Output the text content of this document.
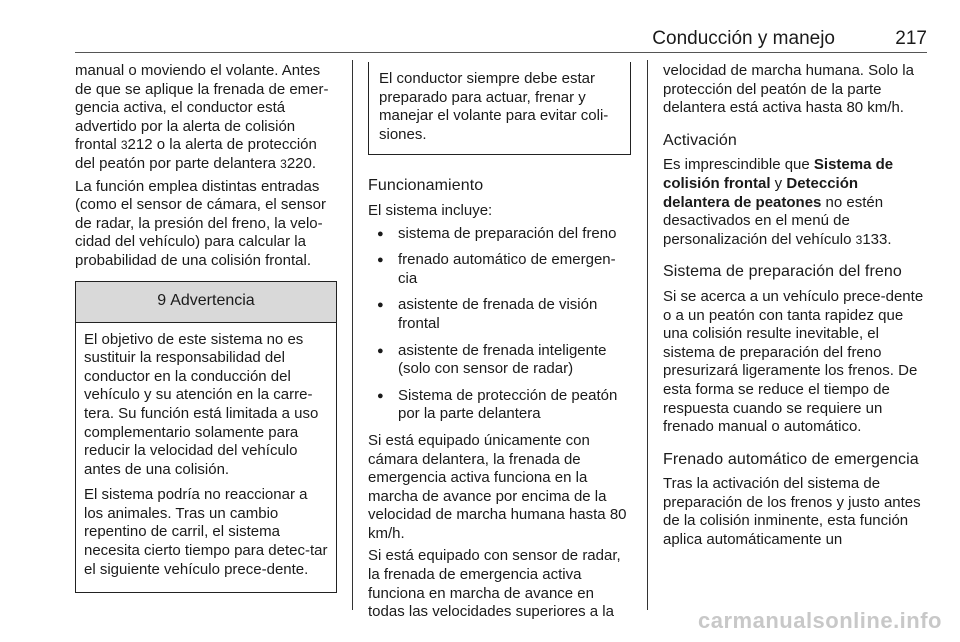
Conducción y manejo	217

manual o moviendo el volante. Antes de que se aplique la frenada de emer-gencia activa, el conductor está advertido por la alerta de colisión frontal 3212 o la alerta de protección del peatón por parte delantera 3220.

La función emplea distintas entradas (como el sensor de cámara, el sensor de radar, la presión del freno, la velo-cidad del vehículo) para calcular la probabilidad de una colisión frontal.

9 Advertencia

El objetivo de este sistema no es sustituir la responsabilidad del conductor en la conducción del vehículo y su atención en la carre-tera. Su función está limitada a uso complementario solamente para reducir la velocidad del vehículo antes de una colisión.

El sistema podría no reaccionar a los animales. Tras un cambio repentino de carril, el sistema necesita cierto tiempo para detec-tar el siguiente vehículo prece-dente.

El conductor siempre debe estar preparado para actuar, frenar y manejar el volante para evitar coli-siones.

Funcionamiento

El sistema incluye:

● sistema de preparación del freno
● frenado automático de emergen-cia
● asistente de frenada de visión frontal
● asistente de frenada inteligente (solo con sensor de radar)
● Sistema de protección de peatón por la parte delantera

Si está equipado únicamente con cámara delantera, la frenada de emergencia activa funciona en la marcha de avance por encima de la velocidad de marcha humana hasta 80 km/h.

Si está equipado con sensor de radar, la frenada de emergencia activa funciona en marcha de avance en todas las velocidades superiores a la

velocidad de marcha humana. Solo la protección del peatón de la parte delantera está activa hasta 80 km/h.

Activación

Es imprescindible que Sistema de colisión frontal y Detección delantera de peatones no estén desactivados en el menú de personalización del vehículo 3133.

Sistema de preparación del freno

Si se acerca a un vehículo prece-dente o a un peatón con tanta rapidez que una colisión resulte inevitable, el sistema de preparación del freno presurizará ligeramente los frenos. De esta forma se reduce el tiempo de respuesta cuando se requiere un frenado manual o automático.

Frenado automático de emergencia

Tras la activación del sistema de preparación de los frenos y justo antes de la colisión inminente, esta función aplica automáticamente un

carmanualsonline.info
